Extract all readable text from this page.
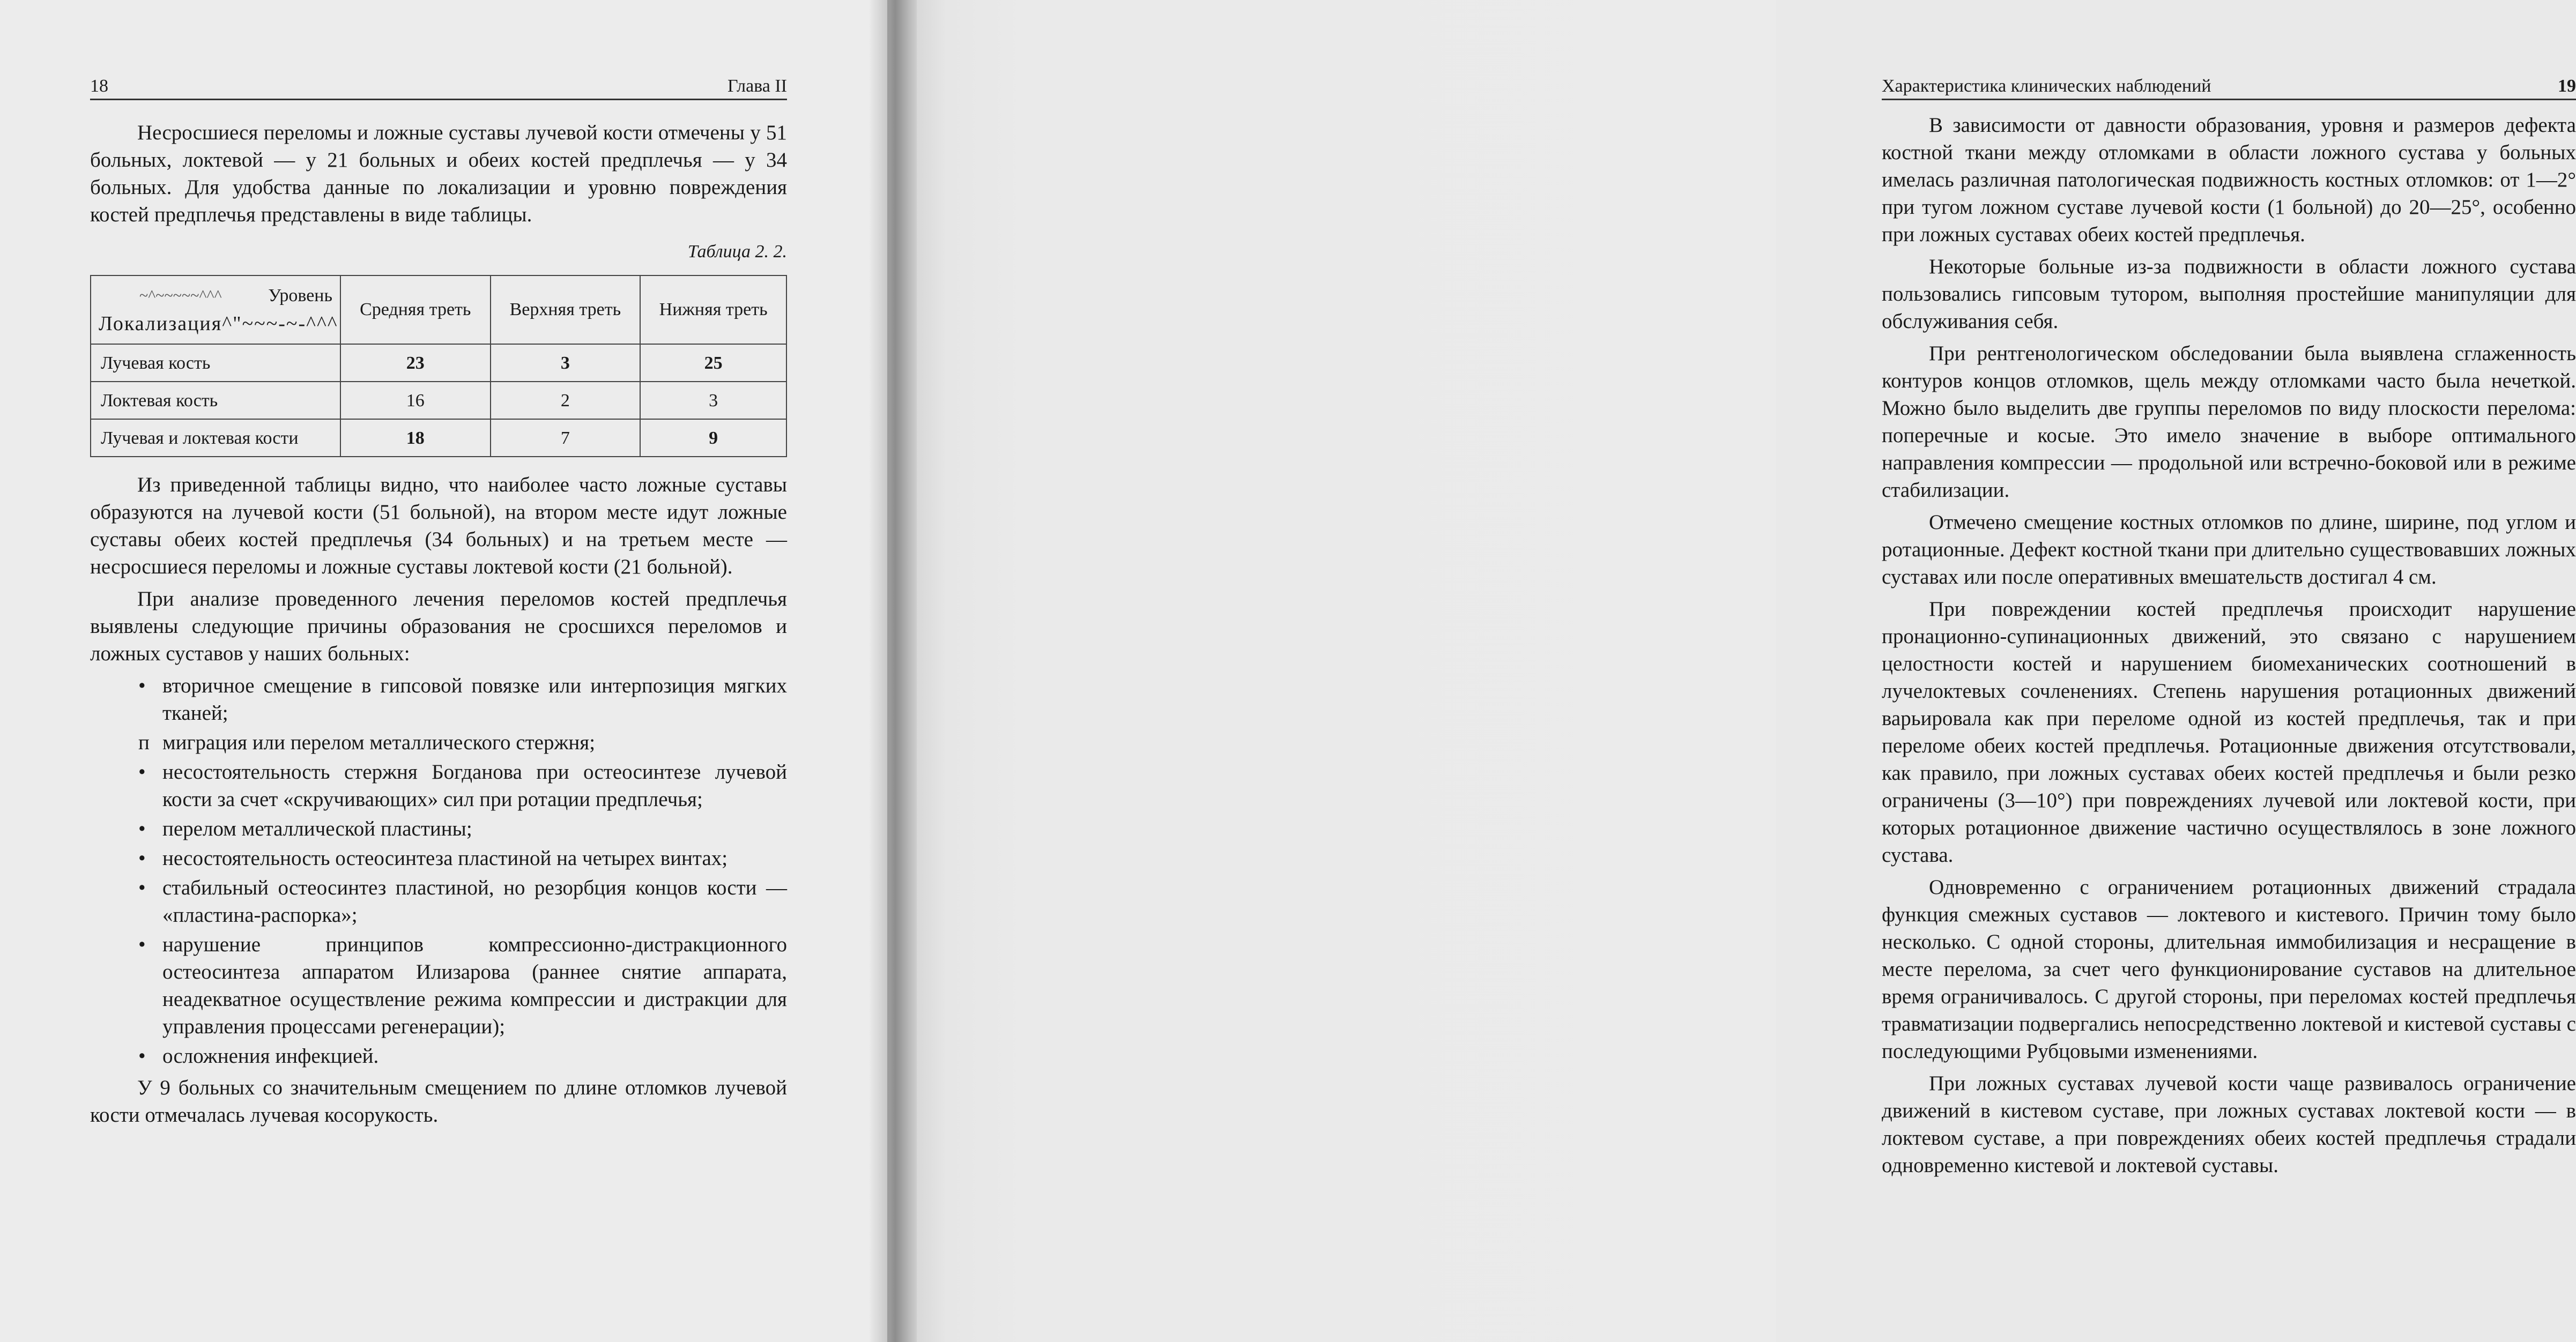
18	Глава II

Несросшиеся переломы и ложные суставы лучевой кости отмечены у 51 больных, локтевой — у 21 больных и обеих костей предплечья — у 34 больных. Для удобства данные по локализации и уровню повреждения костей предплечья представлены в виде таблицы.

Таблица 2. 2.

~^~~~~~^^^ Уровень
Локализация^"~~~-~-^^^	Средняя треть	Верхняя треть	Нижняя треть
Лучевая кость	23	3	25
Локтевая кость	16	2	3
Лучевая и локтевая кости	18	7	9

Из приведенной таблицы видно, что наиболее часто ложные суставы образуются на лучевой кости (51 больной), на втором месте идут ложные суставы обеих костей предплечья (34 больных) и на третьем месте — несросшиеся переломы и ложные суставы локтевой кости (21 больной).

При анализе проведенного лечения переломов костей предплечья выявлены следующие причины образования не сросшихся переломов и ложных суставов у наших больных:

• вторичное смещение в гипсовой повязке или интерпозиция мягких тканей;
п миграция или перелом металлического стержня;
• несостоятельность стержня Богданова при остеосинтезе лучевой кости за счет «скручивающих» сил при ротации предплечья;
• перелом металлической пластины;
• несостоятельность остеосинтеза пластиной на четырех винтах;
• стабильный остеосинтез пластиной, но резорбция концов кости — «пластина-распорка»;
• нарушение принципов компрессионно-дистракционного остеосинтеза аппаратом Илизарова (раннее снятие аппарата, неадекватное осуществление режима компрессии и дистракции для управления процессами регенерации);
• осложнения инфекцией.

У 9 больных со значительным смещением по длине отломков лучевой кости отмечалась лучевая косорукость.

Характеристика клинических наблюдений	19

В зависимости от давности образования, уровня и размеров дефекта костной ткани между отломками в области ложного сустава у больных имелась различная патологическая подвижность костных отломков: от 1—2° при тугом ложном суставе лучевой кости (1 больной) до 20—25°, особенно при ложных суставах обеих костей предплечья.

Некоторые больные из-за подвижности в области ложного сустава пользовались гипсовым тутором, выполняя простейшие манипуляции для обслуживания себя.

При рентгенологическом обследовании была выявлена сглаженность контуров концов отломков, щель между отломками часто была нечеткой. Можно было выделить две группы переломов по виду плоскости перелома: поперечные и косые. Это имело значение в выборе оптимального направления компрессии — продольной или встречно-боковой или в режиме стабилизации.

Отмечено смещение костных отломков по длине, ширине, под углом и ротационные. Дефект костной ткани при длительно существовавших ложных суставах или после оперативных вмешательств достигал 4 см.

При повреждении костей предплечья происходит нарушение пронационно-супинационных движений, это связано с нарушением целостности костей и нарушением биомеханических соотношений в лучелоктевых сочленениях. Степень нарушения ротационных движений варьировала как при переломе одной из костей предплечья, так и при переломе обеих костей предплечья. Ротационные движения отсутствовали, как правило, при ложных суставах обеих костей предплечья и были резко ограничены (3—10°) при повреждениях лучевой или локтевой кости, при которых ротационное движение частично осуществлялось в зоне ложного сустава.

Одновременно с ограничением ротационных движений страдала функция смежных суставов — локтевого и кистевого. Причин тому было несколько. С одной стороны, длительная иммобилизация и несращение в месте перелома, за счет чего функционирование суставов на длительное время ограничивалось. С другой стороны, при переломах костей предплечья травматизации подвергались непосредственно локтевой и кистевой суставы с последующими Рубцовыми изменениями.

При ложных суставах лучевой кости чаще развивалось ограничение движений в кистевом суставе, при ложных суставах локтевой кости — в локтевом суставе, а при повреждениях обеих костей предплечья страдали одновременно кистевой и локтевой суставы.
